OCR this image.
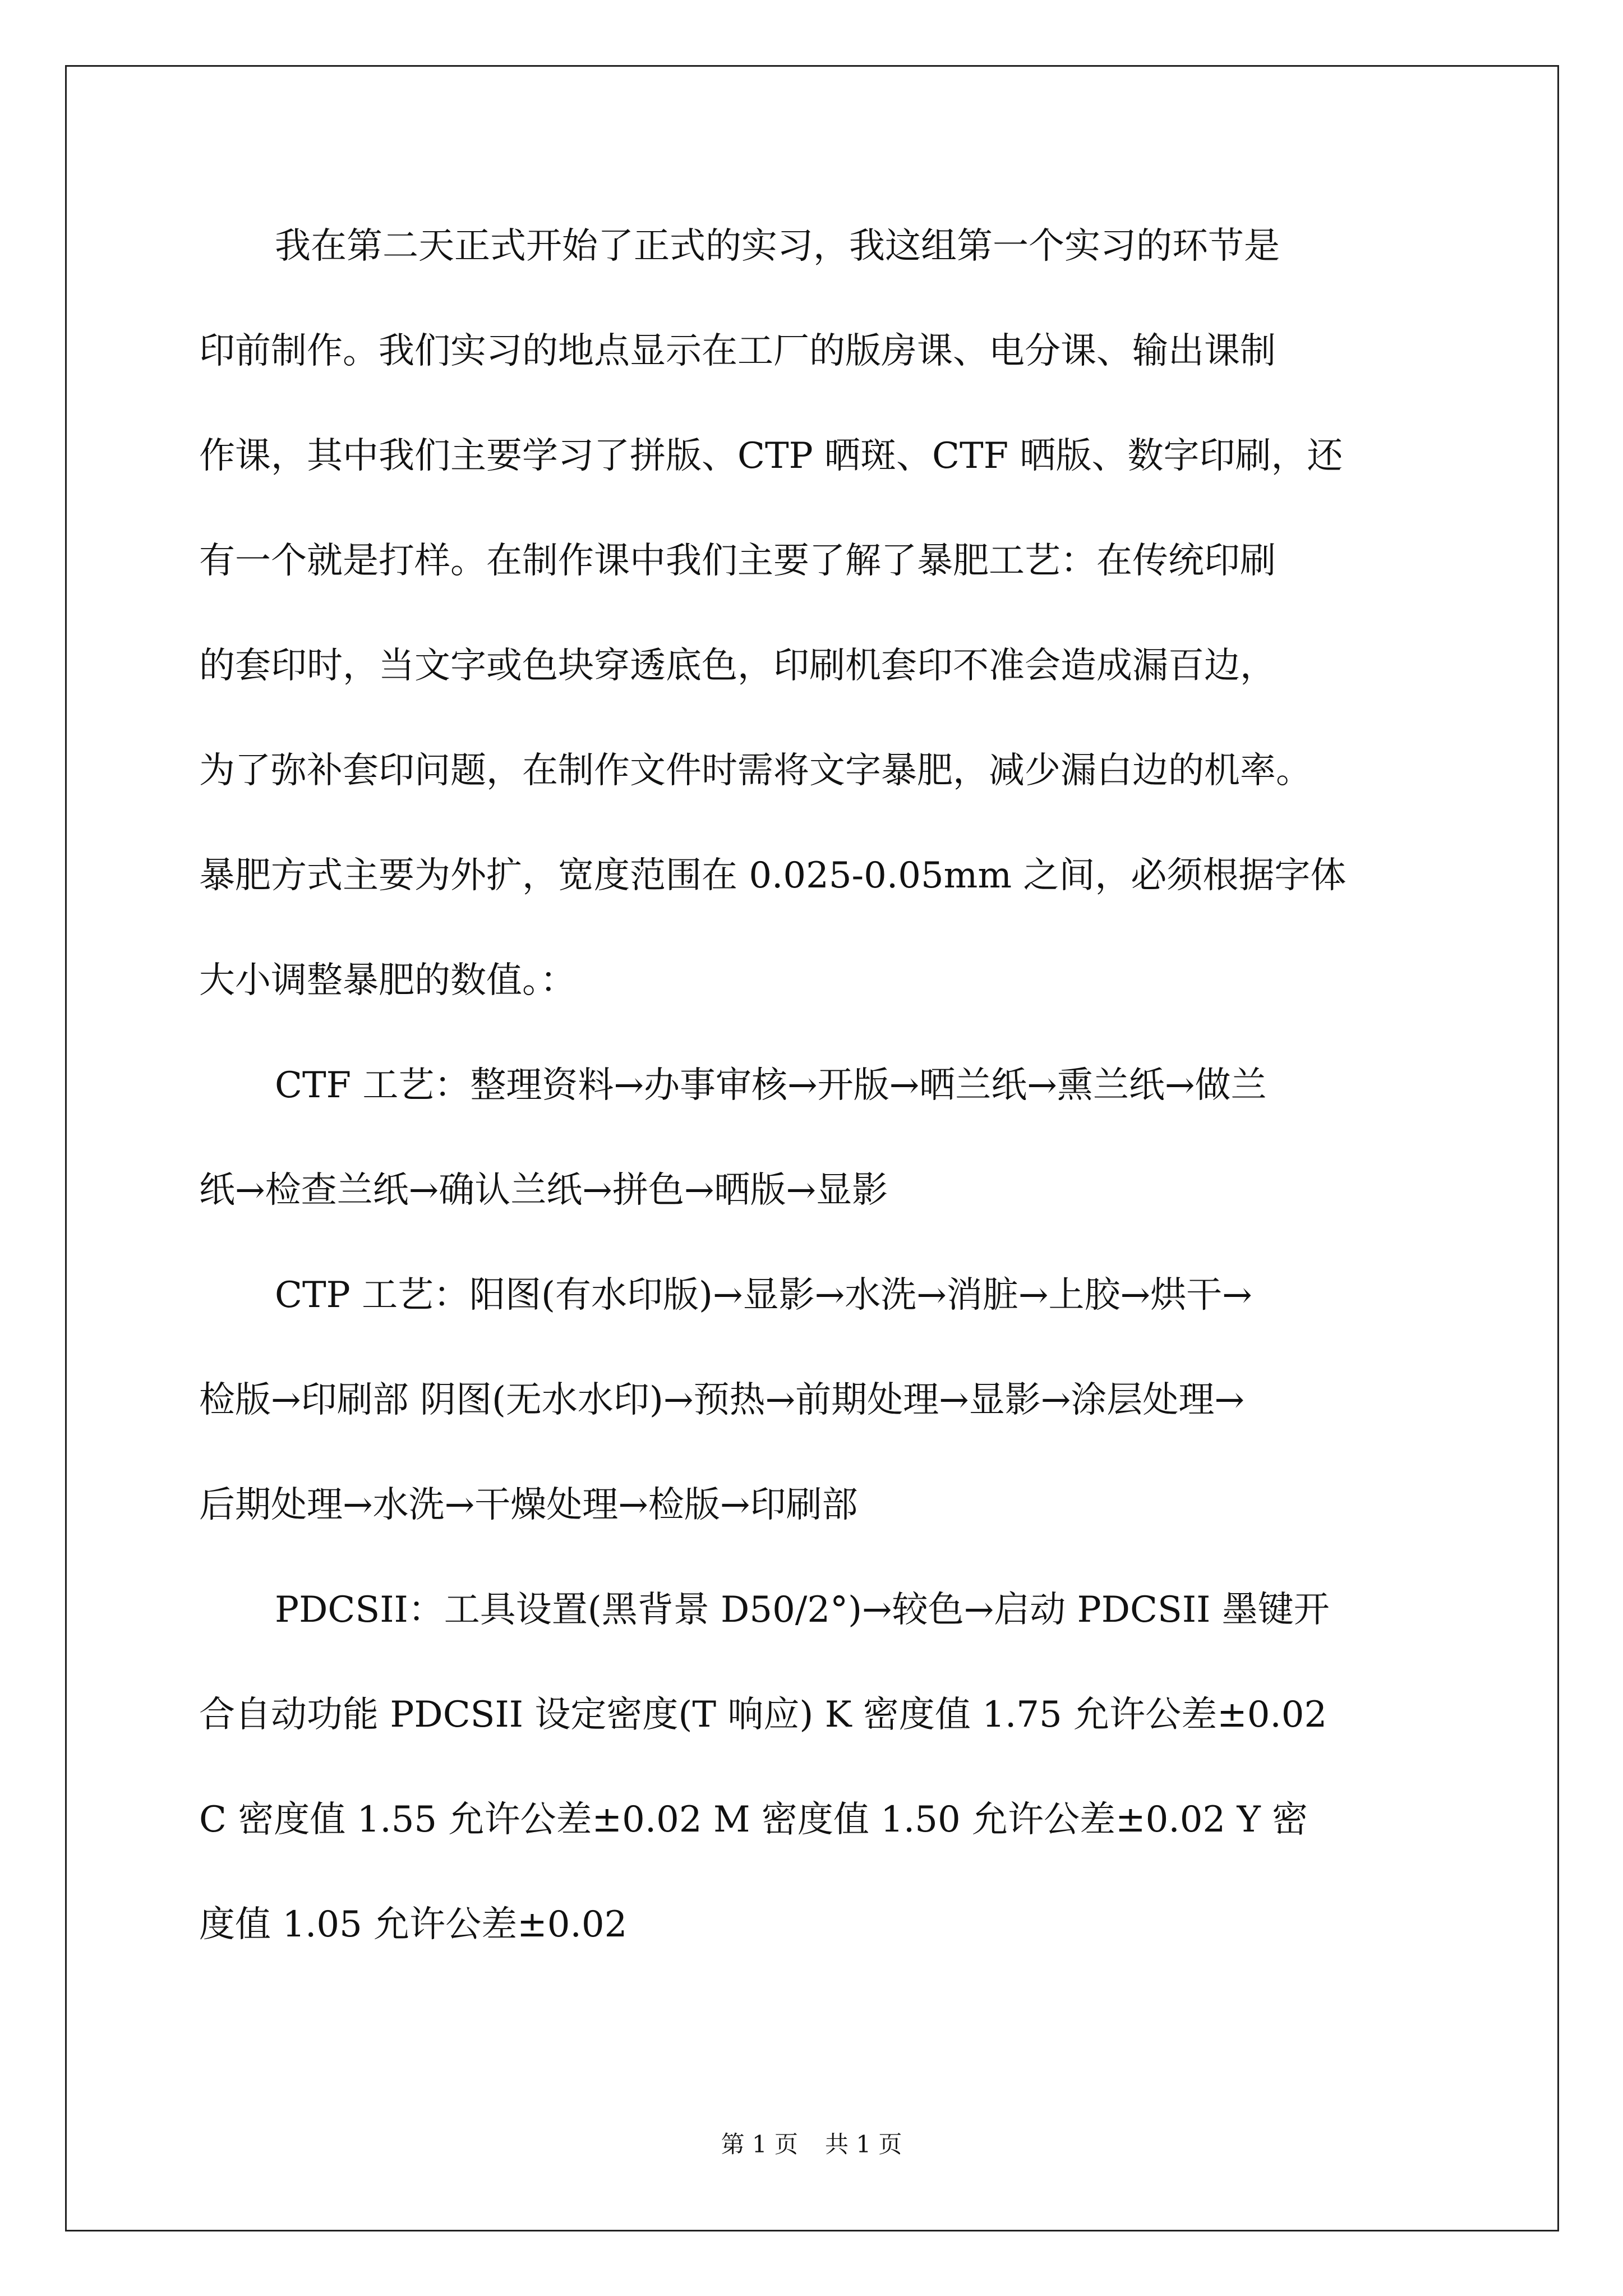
我在第二天正式开始了正式的实习，我这组第一个实习的环节是
印前制作。我们实习的地点显示在工厂的版房课、电分课、输出课制
作课，其中我们主要学习了拼版、CTP 晒斑、CTF 晒版、数字印刷，还
有一个就是打样。在制作课中我们主要了解了暴肥工艺：在传统印刷
的套印时，当文字或色块穿透底色，印刷机套印不准会造成漏百边，
为了弥补套印问题，在制作文件时需将文字暴肥，减少漏白边的机率。
暴肥方式主要为外扩，宽度范围在 0.025-0.05mm 之间，必须根据字体
大小调整暴肥的数值。：
CTF 工艺：整理资料→办事审核→开版→晒兰纸→熏兰纸→做兰
纸→检查兰纸→确认兰纸→拼色→晒版→显影
CTP 工艺：阳图(有水印版)→显影→水洗→消脏→上胶→烘干→
检版→印刷部 阴图(无水水印)→预热→前期处理→显影→涂层处理→
后期处理→水洗→干燥处理→检版→印刷部
PDCSII：工具设置(黑背景 D50/2°)→较色→启动 PDCSII 墨键开
合自动功能 PDCSII 设定密度(T 响应) K 密度值 1.75 允许公差±0.02
C 密度值 1.55 允许公差±0.02 M 密度值 1.50 允许公差±0.02 Y 密
度值 1.05 允许公差±0.02
第 1 页 共 1 页
